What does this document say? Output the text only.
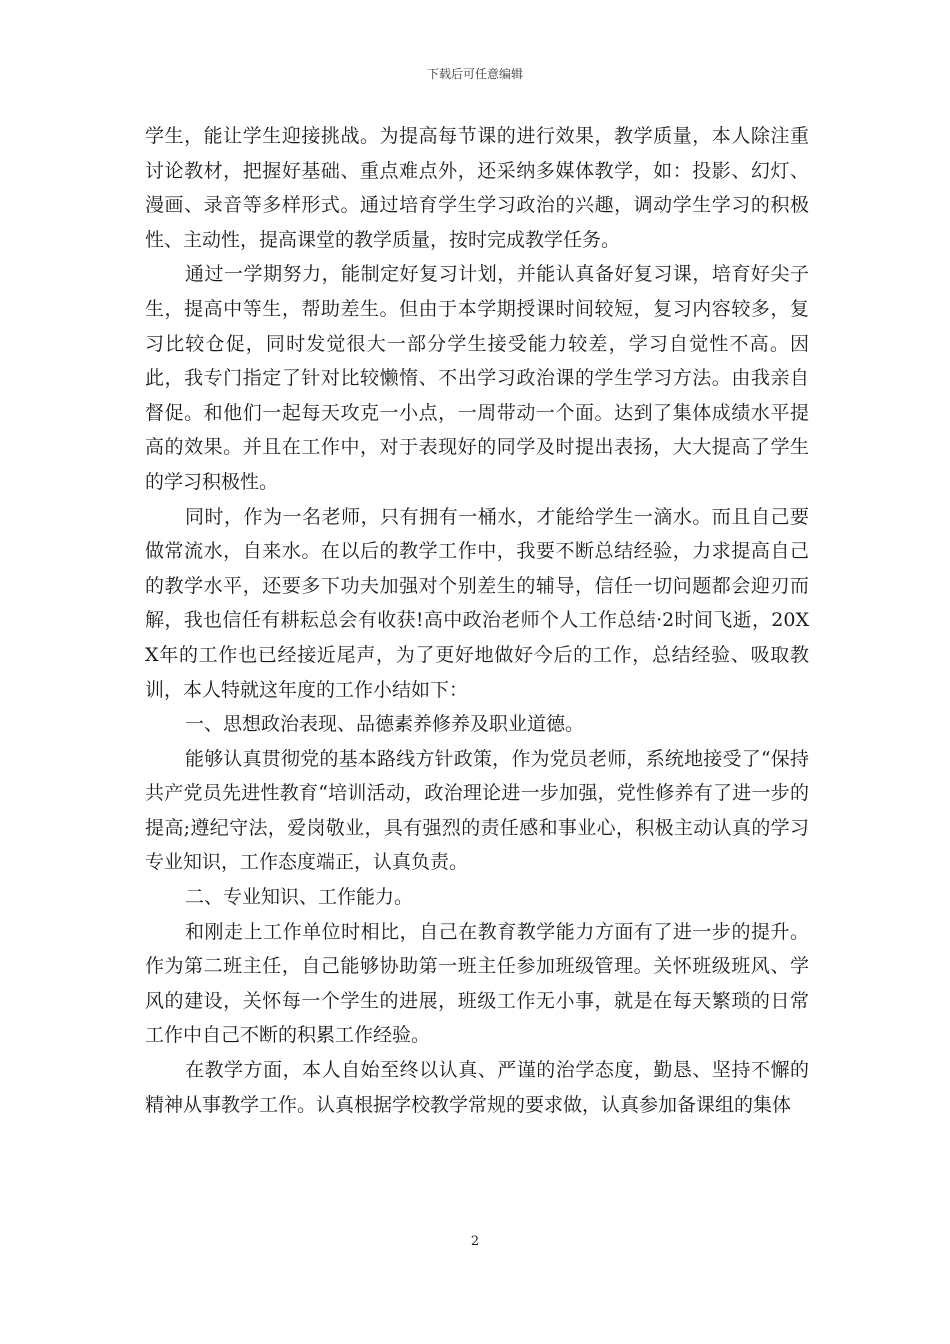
下载后可任意编辑

学生，能让学生迎接挑战。为提高每节课的进行效果，教学质量，本人除注重讨论教材，把握好基础、重点难点外，还采纳多媒体教学，如：投影、幻灯、漫画、录音等多样形式。通过培育学生学习政治的兴趣，调动学生学习的积极性、主动性，提高课堂的教学质量，按时完成教学任务。

通过一学期努力，能制定好复习计划，并能认真备好复习课，培育好尖子生，提高中等生，帮助差生。但由于本学期授课时间较短，复习内容较多，复习比较仓促，同时发觉很大一部分学生接受能力较差，学习自觉性不高。因此，我专门指定了针对比较懒惰、不出学习政治课的学生学习方法。由我亲自督促。和他们一起每天攻克一小点，一周带动一个面。达到了集体成绩水平提高的效果。并且在工作中，对于表现好的同学及时提出表扬，大大提高了学生的学习积极性。

同时，作为一名老师，只有拥有一桶水，才能给学生一滴水。而且自己要做常流水，自来水。在以后的教学工作中，我要不断总结经验，力求提高自己的教学水平，还要多下功夫加强对个别差生的辅导，信任一切问题都会迎刃而解，我也信任有耕耘总会有收获!高中政治老师个人工作总结·2时间飞逝，20XX年的工作也已经接近尾声，为了更好地做好今后的工作，总结经验、吸取教训，本人特就这年度的工作小结如下：

一、思想政治表现、品德素养修养及职业道德。

能够认真贯彻党的基本路线方针政策，作为党员老师，系统地接受了“保持共产党员先进性教育“培训活动，政治理论进一步加强，党性修养有了进一步的提高;遵纪守法，爱岗敬业，具有强烈的责任感和事业心，积极主动认真的学习专业知识，工作态度端正，认真负责。

二、专业知识、工作能力。

和刚走上工作单位时相比，自己在教育教学能力方面有了进一步的提升。作为第二班主任，自己能够协助第一班主任参加班级管理。关怀班级班风、学风的建设，关怀每一个学生的进展，班级工作无小事，就是在每天繁琐的日常工作中自己不断的积累工作经验。

在教学方面，本人自始至终以认真、严谨的治学态度，勤恳、坚持不懈的精神从事教学工作。认真根据学校教学常规的要求做，认真参加备课组的集体

2
